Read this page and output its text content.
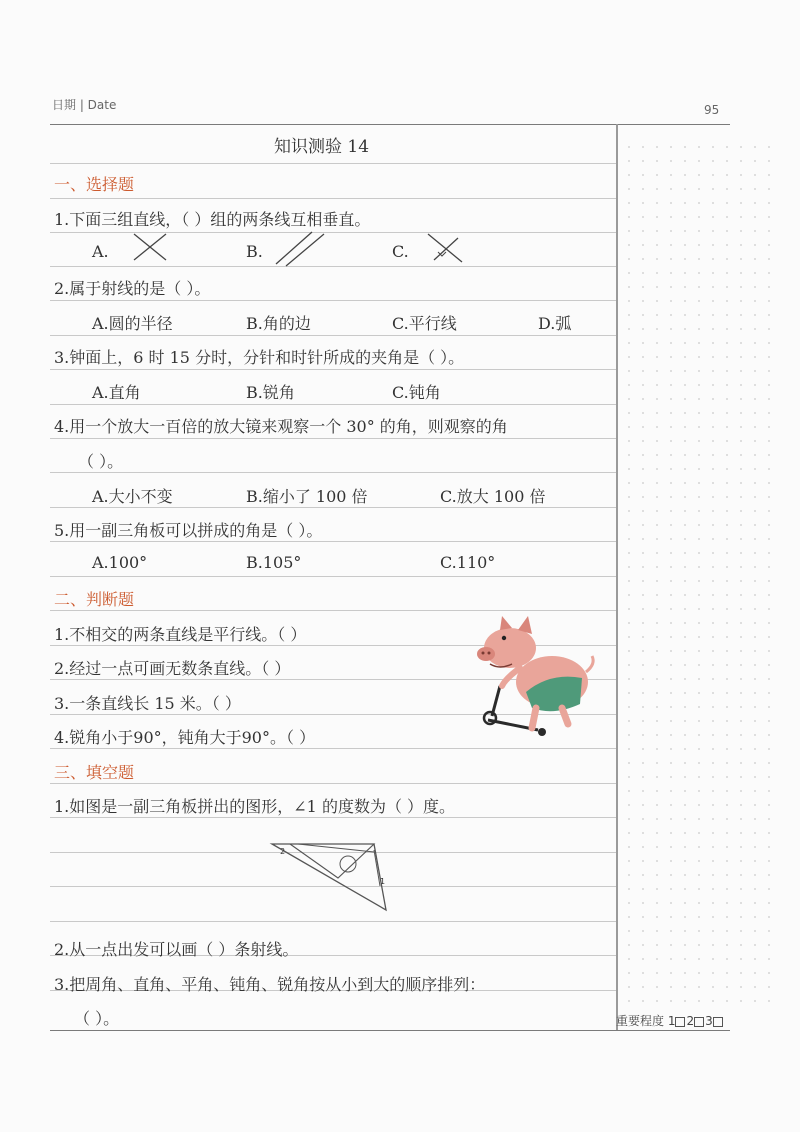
日期 | Date	95
知识测验 14
一、选择题
1.下面三组直线，（ ）组的两条线互相垂直。
A.	B.	C.
2.属于射线的是（ ）。
A.圆的半径	B.角的边	C.平行线	D.弧
3.钟面上，6 时 15 分时，分针和时针所成的夹角是（ ）。
A.直角	B.锐角	C.钝角
4.用一个放大一百倍的放大镜来观察一个 30° 的角，则观察的角
（ ）。
A.大小不变	B.缩小了 100 倍	C.放大 100 倍
5.用一副三角板可以拼成的角是（ ）。
A.100°	B.105°	C.110°
二、判断题
1.不相交的两条直线是平行线。（ ）
2.经过一点可画无数条直线。（ ）
3.一条直线长 15 米。（ ）
4.锐角小于90°，钝角大于90°。（ ）
三、填空题
1.如图是一副三角板拼出的图形，∠1 的度数为（ ）度。
2
1
2.从一点出发可以画（ ）条射线。
3.把周角、直角、平角、钝角、锐角按从小到大的顺序排列：
（ ）。	重要程度 1 2 3
